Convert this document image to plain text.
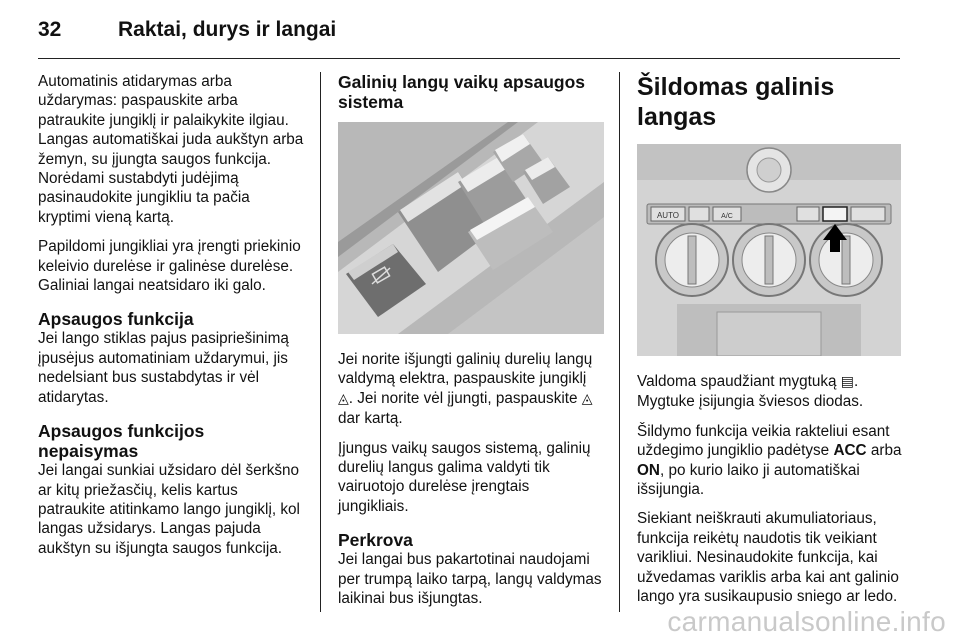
32	Raktai, durys ir langai

Automatinis atidarymas arba uždarymas: paspauskite arba patraukite jungiklį ir palaikykite ilgiau. Langas automatiškai juda aukštyn arba žemyn, su įjungta saugos funkcija. Norėdami sustabdyti judėjimą pasinaudokite jungikliu ta pačia kryptimi vieną kartą.

Papildomi jungikliai yra įrengti priekinio keleivio durelėse ir galinėse durelėse. Galiniai langai neatsidaro iki galo.

Apsaugos funkcija

Jei lango stiklas pajus pasipriešinimą įpusėjus automatiniam uždarymui, jis nedelsiant bus sustabdytas ir vėl atidarytas.

Apsaugos funkcijos nepaisymas

Jei langai sunkiai užsidaro dėl šerkšno ar kitų priežasčių, kelis kartus patraukite atitinkamo lango jungiklį, kol langas užsidarys. Langas pajuda aukštyn su išjungta saugos funkcija.

Galinių langų vaikų apsaugos sistema

Jei norite išjungti galinių durelių langų valdymą elektra, paspauskite jungiklį ◬. Jei norite vėl įjungti, paspauskite ◬ dar kartą.

Įjungus vaikų saugos sistemą, galinių durelių langus galima valdyti tik vairuotojo durelėse įrengtais jungikliais.

Perkrova

Jei langai bus pakartotinai naudojami per trumpą laiko tarpą, langų valdymas laikinai bus išjungtas.

Šildomas galinis langas
AUTO	A/C

Valdoma spaudžiant mygtuką ▤.
Mygtuke įsijungia šviesos diodas.

Šildymo funkcija veikia rakteliui esant uždegimo jungiklio padėtyse ACC arba ON, po kurio laiko ji automatiškai išsijungia.

Siekiant neiškrauti akumuliatoriaus, funkcija reikėtų naudotis tik veikiant varikliui. Nesinaudokite funkcija, kai užvedamas variklis arba kai ant galinio lango yra susikaupusio sniego ar ledo.

carmanualsonline.info
